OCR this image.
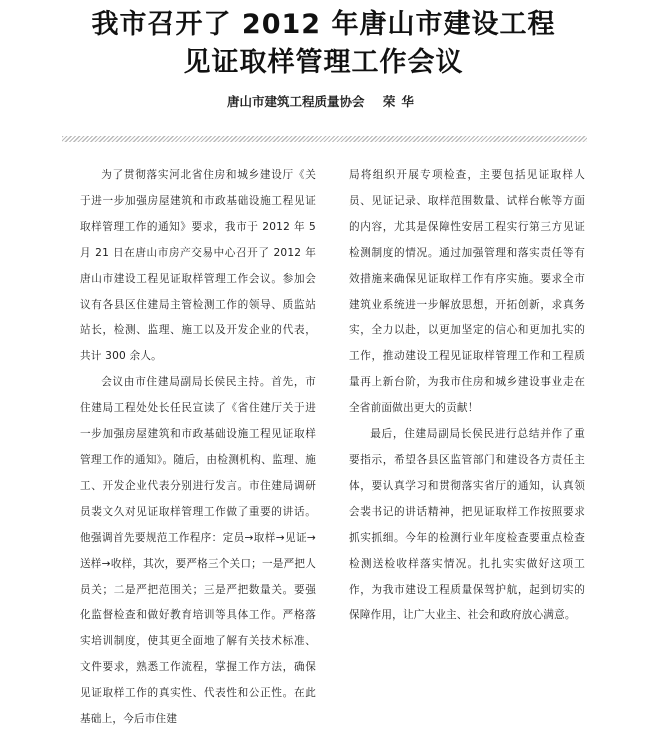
我市召开了 2012 年唐山市建设工程
见证取样管理工作会议
唐山市建筑工程质量协会 荣华

为了贯彻落实河北省住房和城乡建设厅《关于进一步加强房屋建筑和市政基础设施工程见证取样管理工作的通知》要求，我市于 2012 年 5 月 21 日在唐山市房产交易中心召开了 2012 年唐山市建设工程见证取样管理工作会议。参加会议有各县区住建局主管检测工作的领导、质监站站长，检测、监理、施工以及开发企业的代表，共计 300 余人。

会议由市住建局副局长侯民主持。首先，市住建局工程处处长任民宣读了《省住建厅关于进一步加强房屋建筑和市政基础设施工程见证取样管理工作的通知》。随后，由检测机构、监理、施工、开发企业代表分别进行发言。市住建局调研员裴文久对见证取样管理工作做了重要的讲话。他强调首先要规范工作程序：定员→取样→见证→送样→收样，其次，要严格三个关口；一是严把人员关；二是严把范围关；三是严把数量关。要强化监督检查和做好教育培训等具体工作。严格落实培训制度，使其更全面地了解有关技术标准、文件要求，熟悉工作流程，掌握工作方法，确保见证取样工作的真实性、代表性和公正性。在此基础上，今后市住建

局将组织开展专项检查，主要包括见证取样人员、见证记录、取样范围数量、试样台帐等方面的内容，尤其是保障性安居工程实行第三方见证检测制度的情况。通过加强管理和落实责任等有效措施来确保见证取样工作有序实施。要求全市建筑业系统进一步解放思想，开拓创新，求真务实，全力以赴，以更加坚定的信心和更加扎实的工作，推动建设工程见证取样管理工作和工程质量再上新台阶，为我市住房和城乡建设事业走在全省前面做出更大的贡献！

最后，住建局副局长侯民进行总结并作了重要指示，希望各县区监管部门和建设各方责任主体，要认真学习和贯彻落实省厅的通知，认真领会裴书记的讲话精神，把见证取样工作按照要求抓实抓细。今年的检测行业年度检查要重点检查检测送检收样落实情况。扎扎实实做好这项工作，为我市建设工程质量保驾护航，起到切实的保障作用，让广大业主、社会和政府放心满意。
